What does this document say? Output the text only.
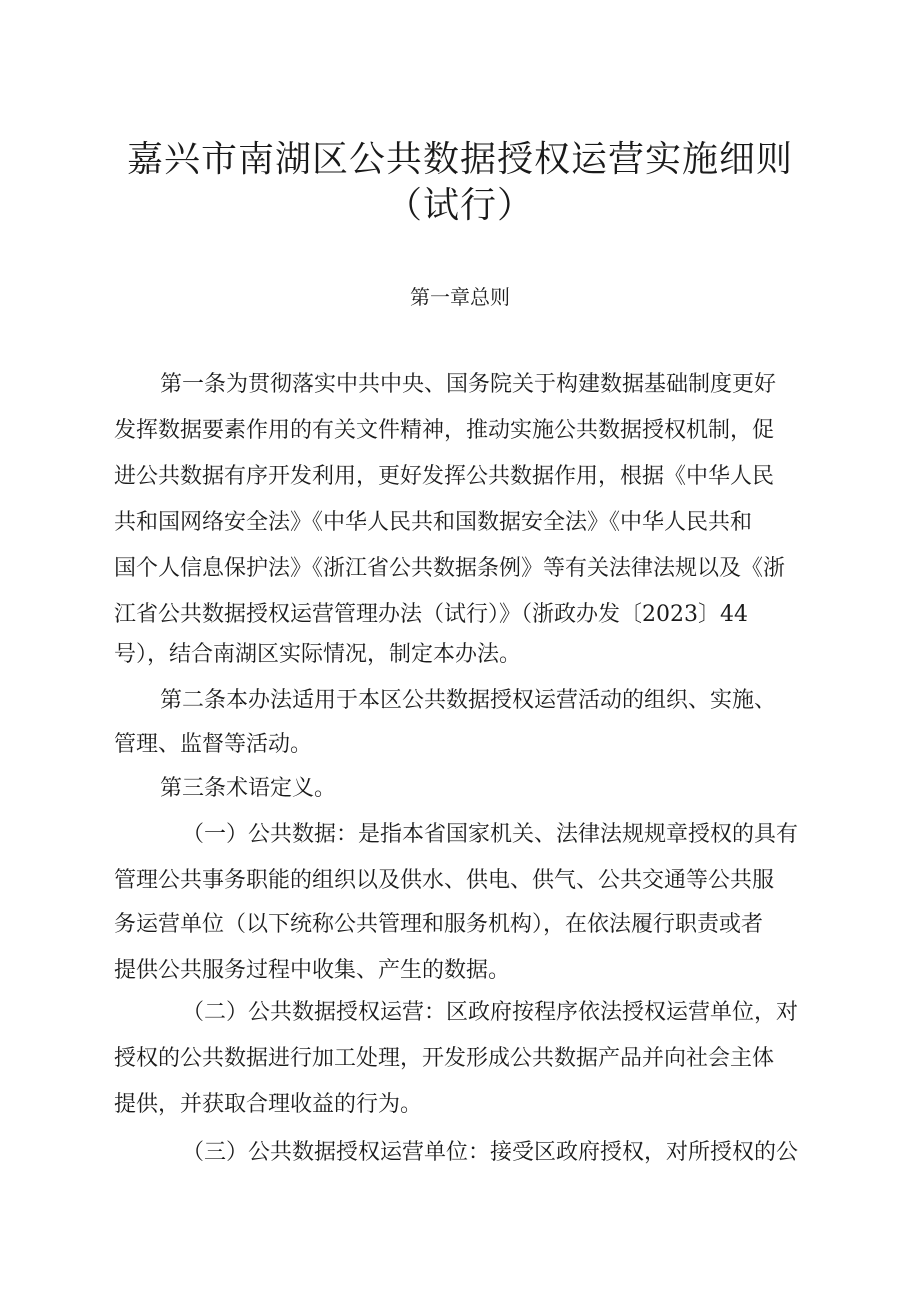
嘉兴市南湖区公共数据授权运营实施细则
（试行）
第一章总则
第一条为贯彻落实中共中央、国务院关于构建数据基础制度更好
发挥数据要素作用的有关文件精神，推动实施公共数据授权机制，促
进公共数据有序开发利用，更好发挥公共数据作用，根据《中华人民
共和国网络安全法》《中华人民共和国数据安全法》《中华人民共和
国个人信息保护法》《浙江省公共数据条例》等有关法律法规以及《浙
江省公共数据授权运营管理办法（试行）》（浙政办发〔2023〕44
号），结合南湖区实际情况，制定本办法。
第二条本办法适用于本区公共数据授权运营活动的组织、实施、
管理、监督等活动。
第三条术语定义。
（一）公共数据：是指本省国家机关、法律法规规章授权的具有
管理公共事务职能的组织以及供水、供电、供气、公共交通等公共服
务运营单位（以下统称公共管理和服务机构），在依法履行职责或者
提供公共服务过程中收集、产生的数据。
（二）公共数据授权运营：区政府按程序依法授权运营单位，对
授权的公共数据进行加工处理，开发形成公共数据产品并向社会主体
提供，并获取合理收益的行为。
（三）公共数据授权运营单位：接受区政府授权，对所授权的公
